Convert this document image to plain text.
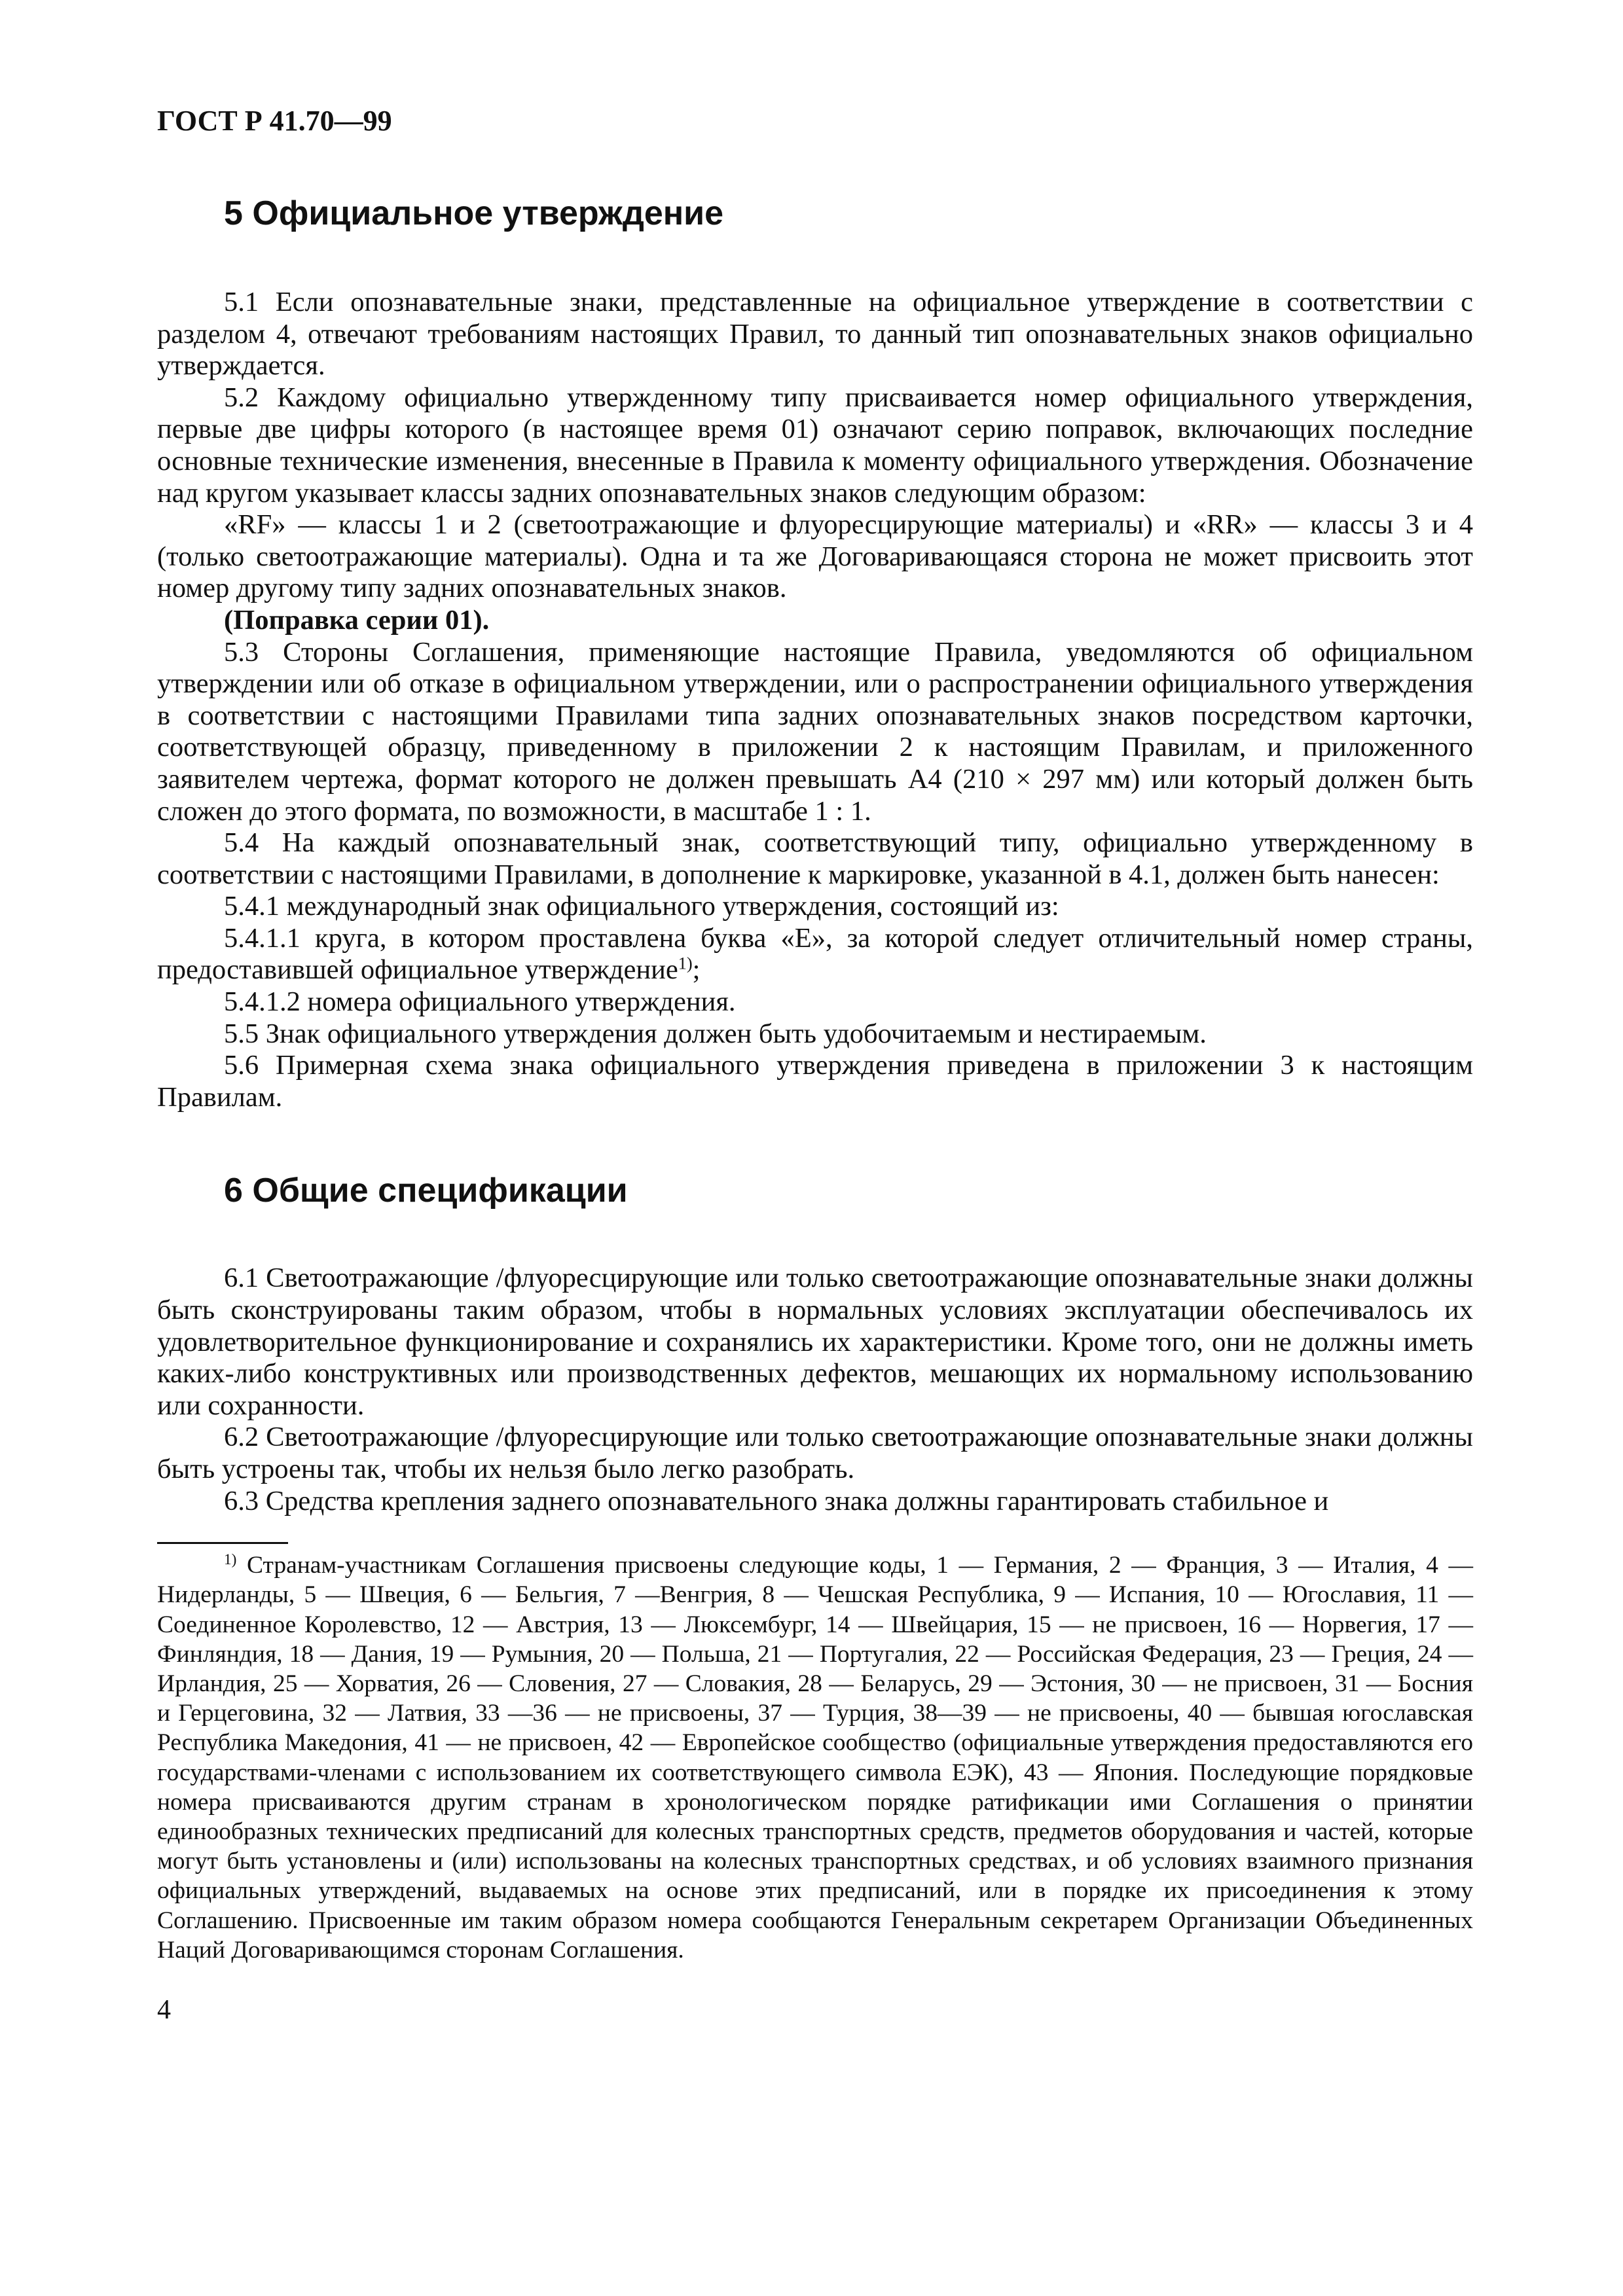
ГОСТ Р 41.70—99
5 Официальное утверждение

5.1 Если опознавательные знаки, представленные на официальное утверждение в соответствии с разделом 4, отвечают требованиям настоящих Правил, то данный тип опознавательных знаков официально утверждается.

5.2 Каждому официально утвержденному типу присваивается номер официального утверждения, первые две цифры которого (в настоящее время 01) означают серию поправок, включающих последние основные технические изменения, внесенные в Правила к моменту официального утверждения. Обозначение над кругом указывает классы задних опознавательных знаков следующим образом:

«RF» — классы 1 и 2 (светоотражающие и флуоресцирующие материалы) и «RR» — классы 3 и 4 (только светоотражающие материалы). Одна и та же Договаривающаяся сторона не может присвоить этот номер другому типу задних опознавательных знаков.

(Поправка серии 01).

5.3 Стороны Соглашения, применяющие настоящие Правила, уведомляются об официальном утверждении или об отказе в официальном утверждении, или о распространении официального утверждения в соответствии с настоящими Правилами типа задних опознавательных знаков посредством карточки, соответствующей образцу, приведенному в приложении 2 к настоящим Правилам, и приложенного заявителем чертежа, формат которого не должен превышать А4 (210 × 297 мм) или который должен быть сложен до этого формата, по возможности, в масштабе 1 : 1.

5.4 На каждый опознавательный знак, соответствующий типу, официально утвержденному в соответствии с настоящими Правилами, в дополнение к маркировке, указанной в 4.1, должен быть нанесен:

5.4.1 международный знак официального утверждения, состоящий из:

5.4.1.1 круга, в котором проставлена буква «Е», за которой следует отличительный номер страны, предоставившей официальное утверждение$^{1)}$;

5.4.1.2 номера официального утверждения.

5.5 Знак официального утверждения должен быть удобочитаемым и нестираемым.

5.6 Примерная схема знака официального утверждения приведена в приложении 3 к настоящим Правилам.

6 Общие спецификации

6.1 Светоотражающие /флуоресцирующие или только светоотражающие опознавательные знаки должны быть сконструированы таким образом, чтобы в нормальных условиях эксплуатации обеспечивалось их удовлетворительное функционирование и сохранялись их характеристики. Кроме того, они не должны иметь каких-либо конструктивных или производственных дефектов, мешающих их нормальному использованию или сохранности.

6.2 Светоотражающие /флуоресцирующие или только светоотражающие опознавательные знаки должны быть устроены так, чтобы их нельзя было легко разобрать.

6.3 Средства крепления заднего опознавательного знака должны гарантировать стабильное и

$^{1)}$ Странам-участникам Соглашения присвоены следующие коды, 1 — Германия, 2 — Франция, 3 — Италия, 4 — Нидерланды, 5 — Швеция, 6 — Бельгия, 7 —Венгрия, 8 — Чешская Республика, 9 — Испания, 10 — Югославия, 11 — Соединенное Королевство, 12 — Австрия, 13 — Люксембург, 14 — Швейцария, 15 — не присвоен, 16 — Норвегия, 17 — Финляндия, 18 — Дания, 19 — Румыния, 20 — Польша, 21 — Португалия, 22 — Российская Федерация, 23 — Греция, 24 — Ирландия, 25 — Хорватия, 26 — Словения, 27 — Словакия, 28 — Беларусь, 29 — Эстония, 30 — не присвоен, 31 — Босния и Герцеговина, 32 — Латвия, 33 —36 — не присвоены, 37 — Турция, 38—39 — не присвоены, 40 — бывшая югославская Республика Македония, 41 — не присвоен, 42 — Европейское сообщество (официальные утверждения предоставляются его государствами-членами с использованием их соответствующего символа ЕЭК), 43 — Япония. Последующие порядковые номера присваиваются другим странам в хронологическом порядке ратификации ими Соглашения о принятии единообразных технических предписаний для колесных транспортных средств, предметов оборудования и частей, которые могут быть установлены и (или) использованы на колесных транспортных средствах, и об условиях взаимного признания официальных утверждений, выдаваемых на основе этих предписаний, или в порядке их присоединения к этому Соглашению. Присвоенные им таким образом номера сообщаются Генеральным секретарем Организации Объединенных Наций Договаривающимся сторонам Соглашения.

4
